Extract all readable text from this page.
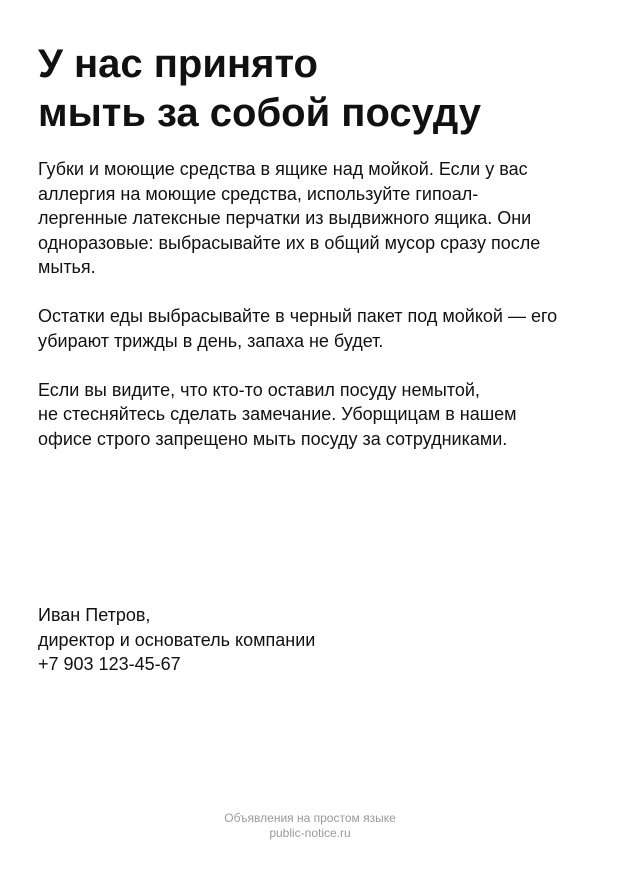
У нас принято
мыть за собой посуду

Губки и моющие средства в ящике над мойкой. Если у вас
аллергия на моющие средства, используйте гипоал-
лергенные латексные перчатки из выдвижного ящика. Они
одноразовые: выбрасывайте их в общий мусор сразу после
мытья.

Остатки еды выбрасывайте в черный пакет под мойкой — его
убирают трижды в день, запаха не будет.

Если вы видите, что кто-то оставил посуду немытой,
не стесняйтесь сделать замечание. Уборщицам в нашем
офисе строго запрещено мыть посуду за сотрудниками.

Иван Петров,
директор и основатель компании
+7 903 123-45-67
Объявления на простом языке
public-notice.ru
